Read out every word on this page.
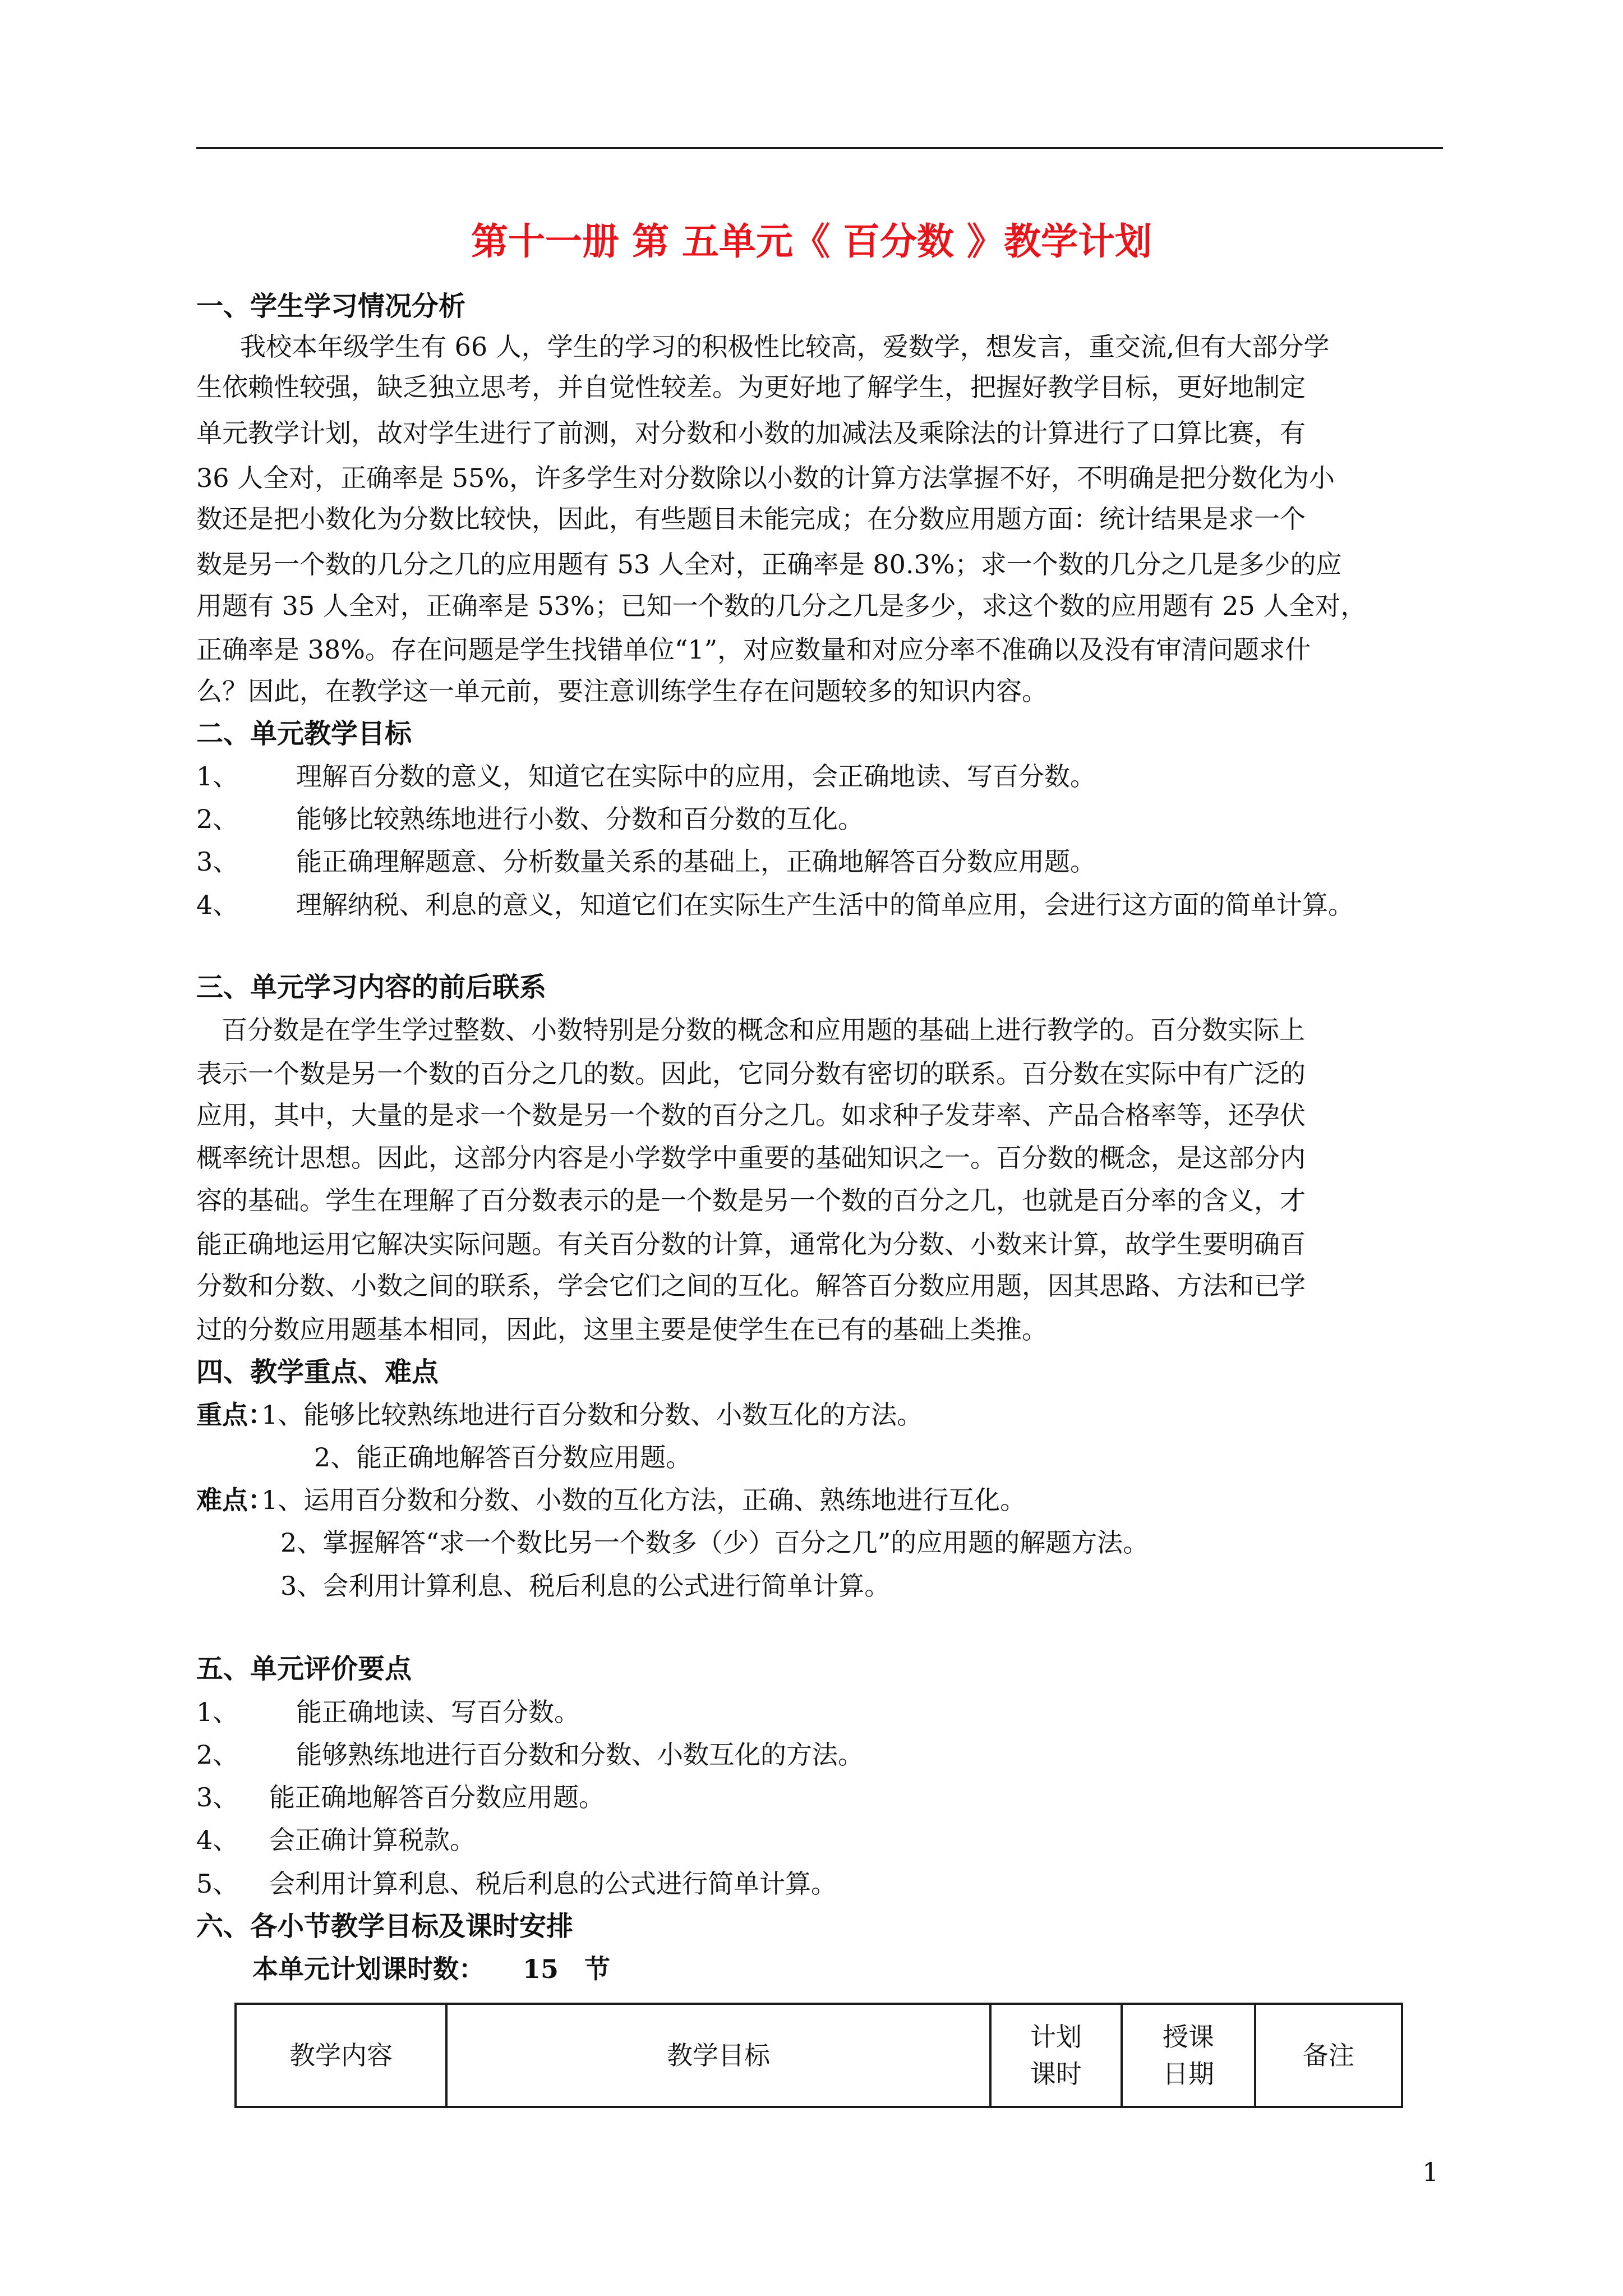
第十一册 第 五单元《 百分数 》教学计划
一、学生学习情况分析
我校本年级学生有 66 人，学生的学习的积极性比较高，爱数学，想发言，重交流,但有大部分学
生依赖性较强，缺乏独立思考，并自觉性较差。为更好地了解学生，把握好教学目标，更好地制定
单元教学计划，故对学生进行了前测，对分数和小数的加减法及乘除法的计算进行了口算比赛，有
36 人全对，正确率是 55%，许多学生对分数除以小数的计算方法掌握不好，不明确是把分数化为小
数还是把小数化为分数比较快，因此，有些题目未能完成；在分数应用题方面：统计结果是求一个
数是另一个数的几分之几的应用题有 53 人全对，正确率是 80.3%；求一个数的几分之几是多少的应
用题有 35 人全对，正确率是 53%；已知一个数的几分之几是多少，求这个数的应用题有 25 人全对，
正确率是 38%。存在问题是学生找错单位“1”，对应数量和对应分率不准确以及没有审清问题求什
么？因此，在教学这一单元前，要注意训练学生存在问题较多的知识内容。
二、单元教学目标
1、 理解百分数的意义，知道它在实际中的应用，会正确地读、写百分数。
2、 能够比较熟练地进行小数、分数和百分数的互化。
3、 能正确理解题意、分析数量关系的基础上，正确地解答百分数应用题。
4、 理解纳税、利息的意义，知道它们在实际生产生活中的简单应用，会进行这方面的简单计算。
三、单元学习内容的前后联系
百分数是在学生学过整数、小数特别是分数的概念和应用题的基础上进行教学的。百分数实际上
表示一个数是另一个数的百分之几的数。因此，它同分数有密切的联系。百分数在实际中有广泛的
应用，其中，大量的是求一个数是另一个数的百分之几。如求种子发芽率、产品合格率等，还孕伏
概率统计思想。因此，这部分内容是小学数学中重要的基础知识之一。百分数的概念，是这部分内
容的基础。学生在理解了百分数表示的是一个数是另一个数的百分之几，也就是百分率的含义，才
能正确地运用它解决实际问题。有关百分数的计算，通常化为分数、小数来计算，故学生要明确百
分数和分数、小数之间的联系，学会它们之间的互化。解答百分数应用题，因其思路、方法和已学
过的分数应用题基本相同，因此，这里主要是使学生在已有的基础上类推。
四、教学重点、难点
重点：
1、能够比较熟练地进行百分数和分数、小数互化的方法。
2、能正确地解答百分数应用题。
难点：
1、运用百分数和分数、小数的互化方法，正确、熟练地进行互化。
2、掌握解答“求一个数比另一个数多（少）百分之几”的应用题的解题方法。
3、会利用计算利息、税后利息的公式进行简单计算。
五、单元评价要点
1、 能正确地读、写百分数。
2、 能够熟练地进行百分数和分数、小数互化的方法。
3、 能正确地解答百分数应用题。
4、 会正确计算税款。
5、 会利用计算利息、税后利息的公式进行简单计算。
六、各小节教学目标及课时安排
本单元计划课时数： 15 节
教学内容	教学目标
计划
课时
授课
日期
备注
1
